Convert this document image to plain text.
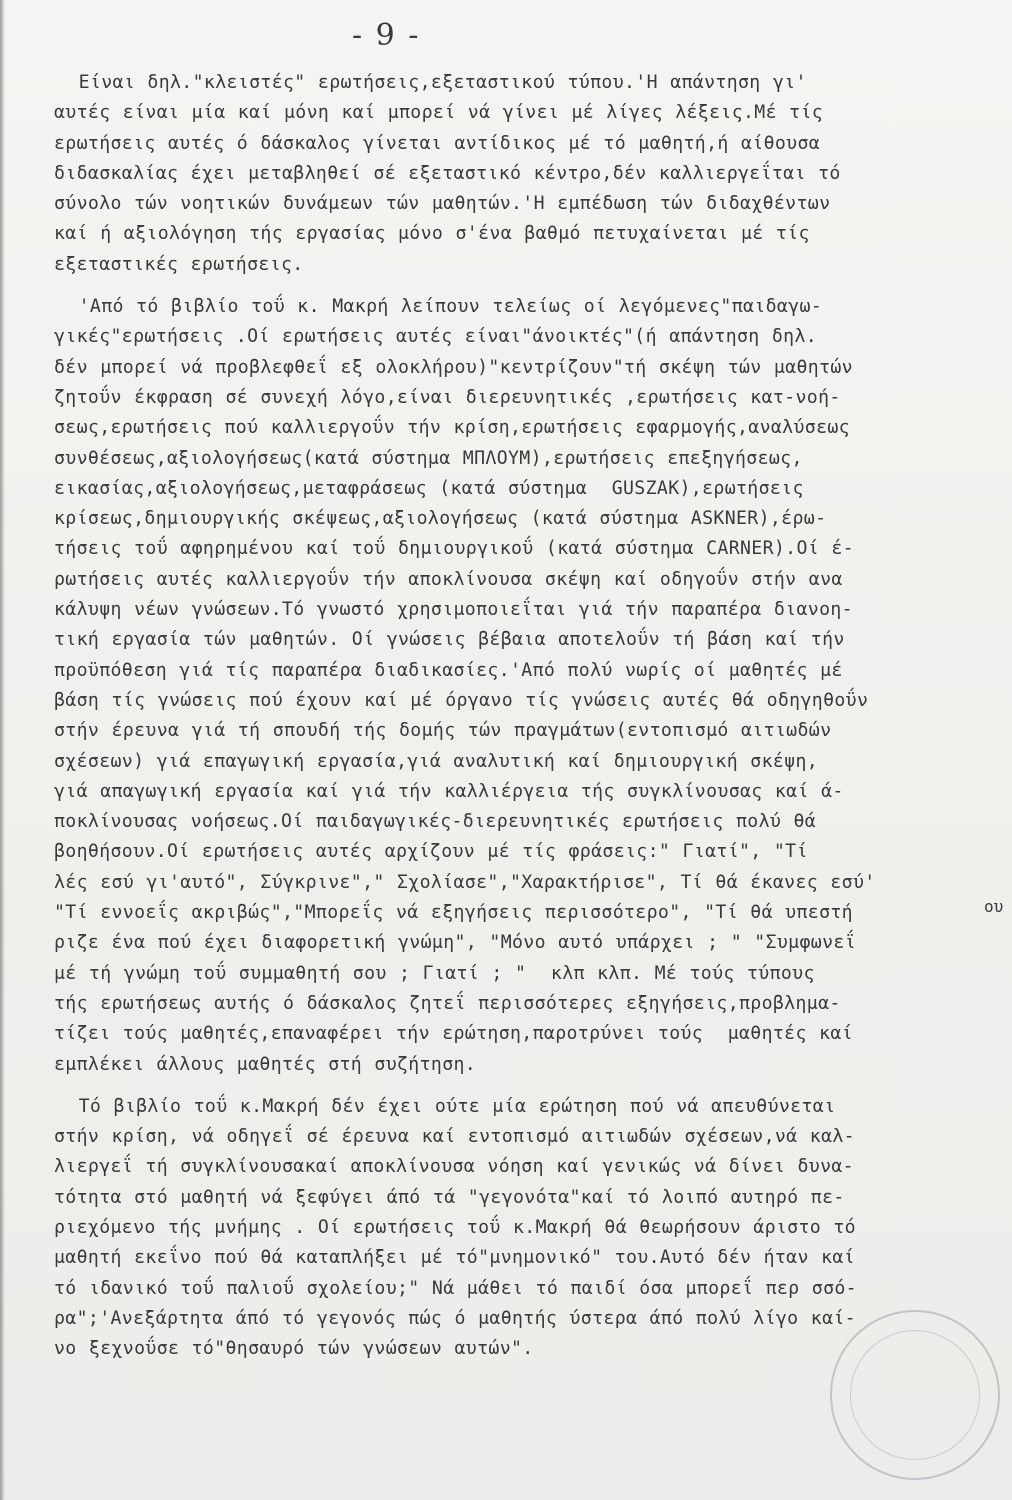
- 9 -
Είναι δηλ."κλειστές" ερωτήσεις,εξεταστικού τύπου.'Η απάντηση γι'
αυτές είναι μία καί μόνη καί μπορεί νά γίνει μέ λίγες λέξεις.Μέ τίς
ερωτήσεις αυτές ό δάσκαλος γίνεται αντίδικος μέ τό μαθητή,ή αίθουσα
διδασκαλίας έχει μεταβληθεί σέ εξεταστικό κέντρο,δέν καλλιεργεΐται τό
σύνολο τών νοητικών δυνάμεων τών μαθητών.'Η εμπέδωση τών διδαχθέντων
καί ή αξιολόγηση τής εργασίας μόνο σ'ένα βαθμό πετυχαίνεται μέ τίς
εξεταστικές ερωτήσεις.
'Από τό βιβλίο τοΰ κ. Μακρή λείπουν τελείως οί λεγόμενες"παιδαγω-
γικές"ερωτήσεις .Οί ερωτήσεις αυτές είναι"άνοικτές"(ή απάντηση δηλ.
δέν μπορεί νά προβλεφθεΐ εξ ολοκλήρου)"κεντρίζουν"τή σκέψη τών μαθητών
ζητοΰν έκφραση σέ συνεχή λόγο,είναι διερευνητικές ,ερωτήσεις κατ-νοή-
σεως,ερωτήσεις πού καλλιεργοΰν τήν κρίση,ερωτήσεις εφαρμογής,αναλύσεως
συνθέσεως,αξιολογήσεως(κατά σύστημα ΜΠΛΟΥΜ),ερωτήσεις επεξηγήσεως,
εικασίας,αξιολογήσεως,μεταφράσεως (κατά σύστημα  GUSZAK),ερωτήσεις
κρίσεως,δημιουργικής σκέψεως,αξιολογήσεως (κατά σύστημα ASKNER),έρω-
τήσεις τοΰ αφηρημένου καί τοΰ δημιουργικοΰ (κατά σύστημα CARNER).Οί έ-
ρωτήσεις αυτές καλλιεργοΰν τήν αποκλίνουσα σκέψη καί οδηγοΰν στήν ανα
κάλυψη νέων γνώσεων.Τό γνωστό χρησιμοποιεΐται γιά τήν παραπέρα διανοη-
τική εργασία τών μαθητών. Οί γνώσεις βέβαια αποτελοΰν τή βάση καί τήν
προϋπόθεση γιά τίς παραπέρα διαδικασίες.'Από πολύ νωρίς οί μαθητές μέ
βάση τίς γνώσεις πού έχουν καί μέ όργανο τίς γνώσεις αυτές θά οδηγηθοΰν
στήν έρευνα γιά τή σπουδή τής δομής τών πραγμάτων(εντοπισμό αιτιωδών
σχέσεων) γιά επαγωγική εργασία,γιά αναλυτική καί δημιουργική σκέψη,
γιά απαγωγική εργασία καί γιά τήν καλλιέργεια τής συγκλίνουσας καί ά-
ποκλίνουσας νοήσεως.Οί παιδαγωγικές-διερευνητικές ερωτήσεις πολύ θά
βοηθήσουν.Οί ερωτήσεις αυτές αρχίζουν μέ τίς φράσεις:" Γιατί", "Τί
λές εσύ γι'αυτό", Σύγκρινε"," Σχολίασε","Χαρακτήρισε", Τί θά έκανες εσύ'
"Τί εννοεΐς ακριβώς","Μπορεΐς νά εξηγήσεις περισσότερο", "Τί θά υπεστή
ριζε ένα πού έχει διαφορετική γνώμη", "Μόνο αυτό υπάρχει ; " "Συμφωνεΐ
μέ τή γνώμη τοΰ συμμαθητή σου ; Γιατί ; "  κλπ κλπ. Μέ τούς τύπους
τής ερωτήσεως αυτής ό δάσκαλος ζητεΐ περισσότερες εξηγήσεις,προβλημα-
τίζει τούς μαθητές,επαναφέρει τήν ερώτηση,παροτρύνει τούς  μαθητές καί
εμπλέκει άλλους μαθητές στή συζήτηση.
Τό βιβλίο τοΰ κ.Μακρή δέν έχει ούτε μία ερώτηση πού νά απευθύνεται
στήν κρίση, νά οδηγεΐ σέ έρευνα καί εντοπισμό αιτιωδών σχέσεων,νά καλ-
λιεργεΐ τή συγκλίνουσακαί αποκλίνουσα νόηση καί γενικώς νά δίνει δυνα-
τότητα στό μαθητή νά ξεφύγει άπό τά "γεγονότα"καί τό λοιπό αυτηρό πε-
ριεχόμενο τής μνήμης . Οί ερωτήσεις τοΰ κ.Μακρή θά θεωρήσουν άριστο τό
μαθητή εκεΐνο πού θά καταπλήξει μέ τό"μνημονικό" του.Αυτό δέν ήταν καί
τό ιδανικό τοΰ παλιοΰ σχολείου;" Νά μάθει τό παιδί όσα μπορεΐ περ σσό-
ρα";'Ανεξάρτητα άπό τό γεγονός πώς ό μαθητής ύστερα άπό πολύ λίγο καί-
νο ξεχνοΰσε τό"θησαυρό τών γνώσεων αυτών".
ου
